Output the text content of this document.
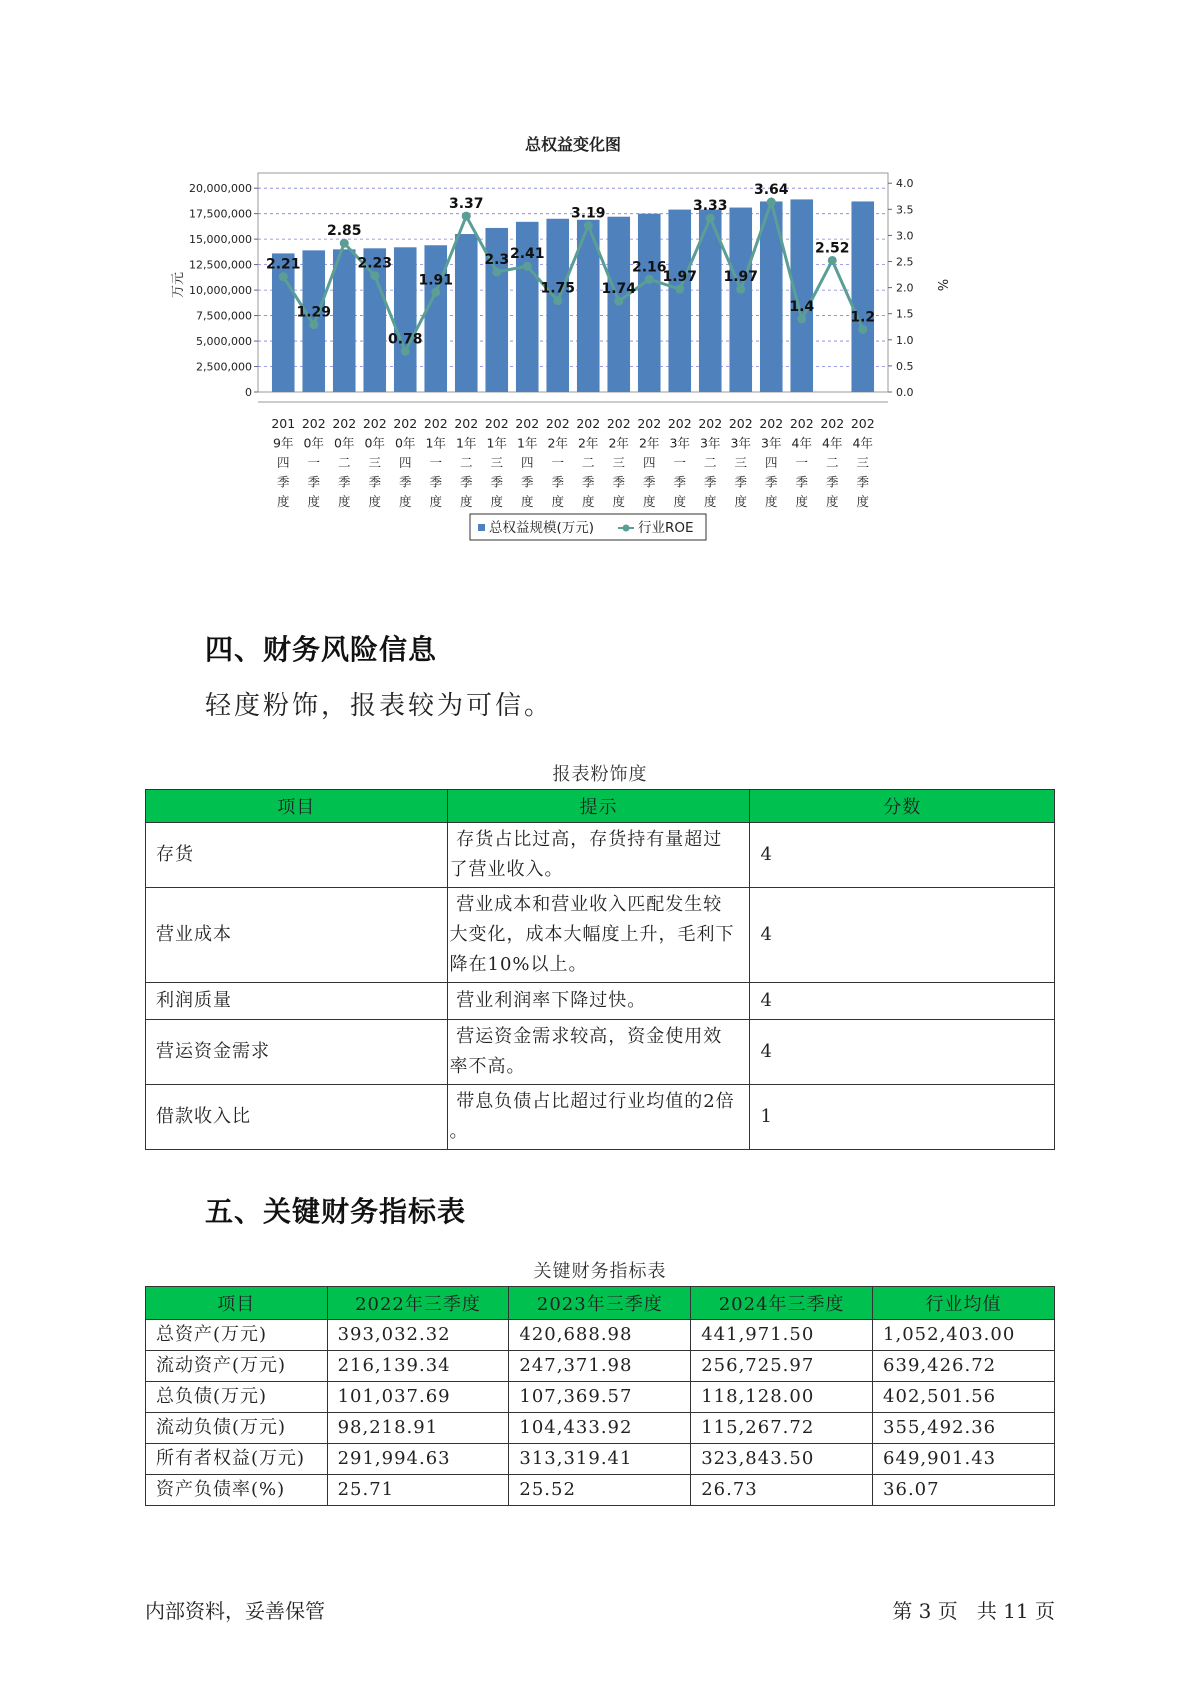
总权益变化图
0
2,500,000
5,000,000
7,500,000
10,000,000
12,500,000
15,000,000
17,500,000
20,000,000
0.0
0.5
1.0
1.5
2.0
2.5
3.0
3.5
4.0
万元	%
2.21
1.29
2.85
2.23
0.78
1.91
3.37
2.3 2.41
1.75
3.19
1.74
2.16
1.97
3.33
1.97
3.64
1.4
2.52
1.2
201
9年
四
季
度
202
0年
一
季
度
202
0年
二
季
度
202
0年
三
季
度
202
0年
四
季
度
202
1年
一
季
度
202
1年
二
季
度
202
1年
三
季
度
202
1年
四
季
度
202
2年
一
季
度
202
2年
二
季
度
202
2年
三
季
度
202
2年
四
季
度
202
3年
一
季
度
202
3年
二
季
度
202
3年
三
季
度
202
3年
四
季
度
202
4年
一
季
度
202
4年
二
季
度
202
4年
三
季
度
总权益规模(万元)	行业ROE
四、财务风险信息
轻度粉饰，报表较为可信。
报表粉饰度
项目	提示	分数
存货	存货占比过高，存货持有量超过
了营业收入。	4
营业成本	营业成本和营业收入匹配发生较
大变化，成本大幅度上升，毛利下
降在10%以上。	4
利润质量	营业利润率下降过快。	4
营运资金需求	营运资金需求较高，资金使用效
率不高。	4
借款收入比	带息负债占比超过行业均值的2倍
。	1
五、关键财务指标表
关键财务指标表
项目	2022年三季度	2023年三季度	2024年三季度	行业均值
总资产(万元)	393,032.32	420,688.98	441,971.50	1,052,403.00
流动资产(万元)	216,139.34	247,371.98	256,725.97	639,426.72
总负债(万元)	101,037.69	107,369.57	118,128.00	402,501.56
流动负债(万元)	98,218.91	104,433.92	115,267.72	355,492.36
所有者权益(万元)	291,994.63	313,319.41	323,843.50	649,901.43
资产负债率(%)	25.71	25.52	26.73	36.07
内部资料，妥善保管	第 3 页   共 11 页
